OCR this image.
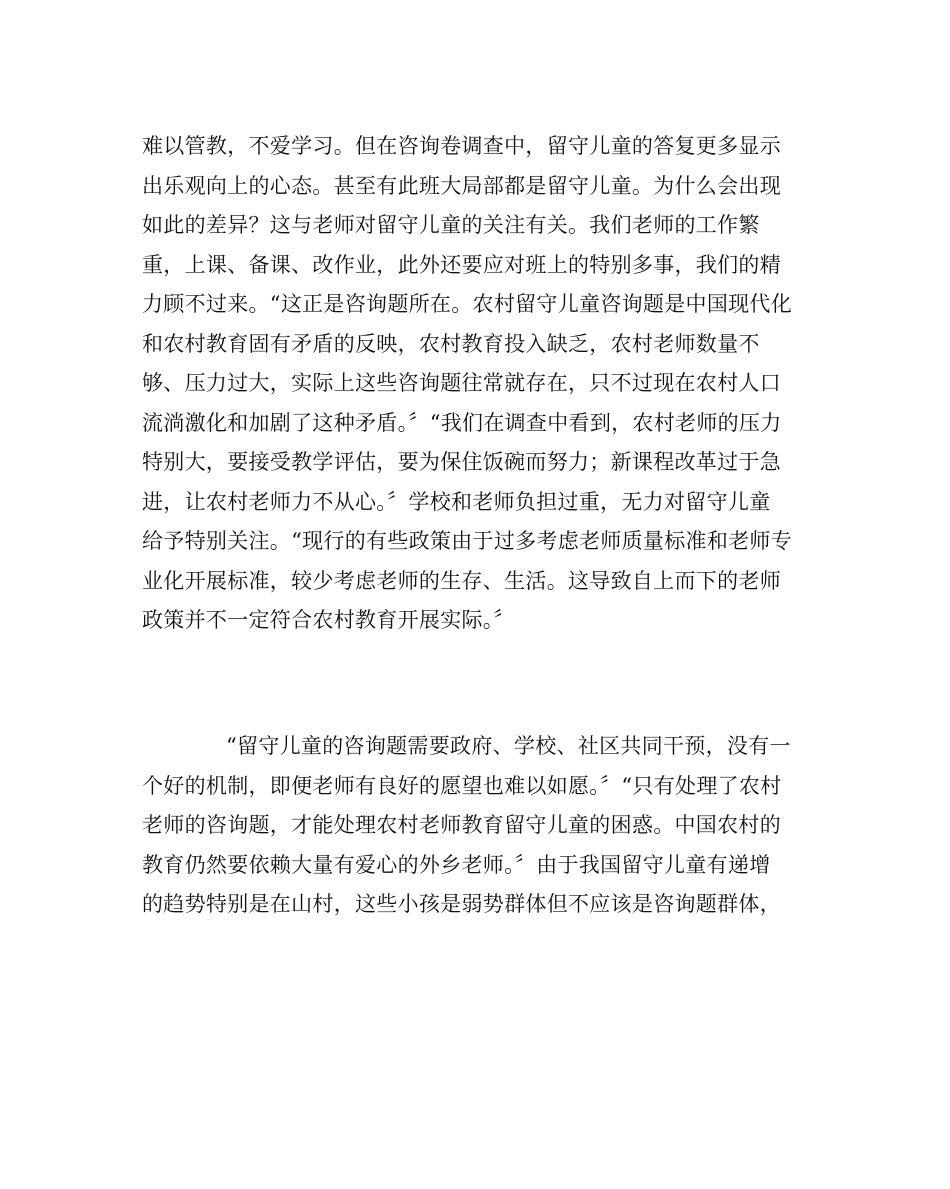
难以管教，不爱学习。但在咨询卷调查中，留守儿童的答复更多显示
出乐观向上的心态。甚至有此班大局部都是留守儿童。为什么会出现
如此的差异？这与老师对留守儿童的关注有关。我们老师的工作繁
重，上课、备课、改作业，此外还要应对班上的特别多事，我们的精
力顾不过来。“这正是咨询题所在。农村留守儿童咨询题是中国现代化
和农村教育固有矛盾的反映，农村教育投入缺乏，农村老师数量不
够、压力过大，实际上这些咨询题往常就存在，只不过现在农村人口
流淌激化和加剧了这种矛盾。〞“我们在调查中看到，农村老师的压力
特别大，要接受教学评估，要为保住饭碗而努力；新课程改革过于急
进，让农村老师力不从心。〞学校和老师负担过重，无力对留守儿童
给予特别关注。“现行的有些政策由于过多考虑老师质量标准和老师专
业化开展标准，较少考虑老师的生存、生活。这导致自上而下的老师
政策并不一定符合农村教育开展实际。〞
“留守儿童的咨询题需要政府、学校、社区共同干预，没有一
个好的机制，即便老师有良好的愿望也难以如愿。〞“只有处理了农村
老师的咨询题，才能处理农村老师教育留守儿童的困惑。中国农村的
教育仍然要依赖大量有爱心的外乡老师。〞由于我国留守儿童有递增
的趋势特别是在山村，这些小孩是弱势群体但不应该是咨询题群体，
